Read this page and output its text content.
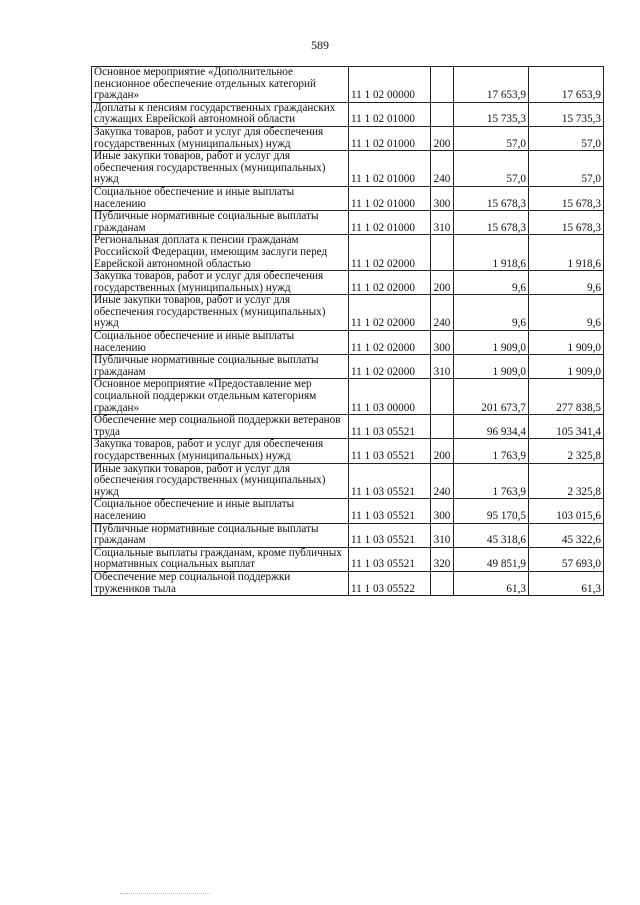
589
Основное мероприятие «Дополнительное пенсионное обеспечение отдельных категорий граждан»	11 1 02 00000		17 653,9	17 653,9
Доплаты к пенсиям государственных гражданских служащих Еврейской автономной области	11 1 02 01000		15 735,3	15 735,3
Закупка товаров, работ и услуг для обеспечения государственных (муниципальных) нужд	11 1 02 01000	200	57,0	57,0
Иные закупки товаров, работ и услуг для обеспечения государственных (муниципальных) нужд	11 1 02 01000	240	57,0	57,0
Социальное обеспечение и иные выплаты населению	11 1 02 01000	300	15 678,3	15 678,3
Публичные нормативные социальные выплаты гражданам	11 1 02 01000	310	15 678,3	15 678,3
Региональная доплата к пенсии гражданам Российской Федерации, имеющим заслуги перед Еврейской автономной областью	11 1 02 02000		1 918,6	1 918,6
Закупка товаров, работ и услуг для обеспечения государственных (муниципальных) нужд	11 1 02 02000	200	9,6	9,6
Иные закупки товаров, работ и услуг для обеспечения государственных (муниципальных) нужд	11 1 02 02000	240	9,6	9,6
Социальное обеспечение и иные выплаты населению	11 1 02 02000	300	1 909,0	1 909,0
Публичные нормативные социальные выплаты гражданам	11 1 02 02000	310	1 909,0	1 909,0
Основное мероприятие «Предоставление мер социальной поддержки отдельным категориям граждан»	11 1 03 00000		201 673,7	277 838,5
Обеспечение мер социальной поддержки ветеранов труда	11 1 03 05521		96 934,4	105 341,4
Закупка товаров, работ и услуг для обеспечения государственных (муниципальных) нужд	11 1 03 05521	200	1 763,9	2 325,8
Иные закупки товаров, работ и услуг для обеспечения государственных (муниципальных) нужд	11 1 03 05521	240	1 763,9	2 325,8
Социальное обеспечение и иные выплаты населению	11 1 03 05521	300	95 170,5	103 015,6
Публичные нормативные социальные выплаты гражданам	11 1 03 05521	310	45 318,6	45 322,6
Социальные выплаты гражданам, кроме публичных нормативных социальных выплат	11 1 03 05521	320	49 851,9	57 693,0
Обеспечение мер социальной поддержки тружеников тыла	11 1 03 05522		61,3	61,3
